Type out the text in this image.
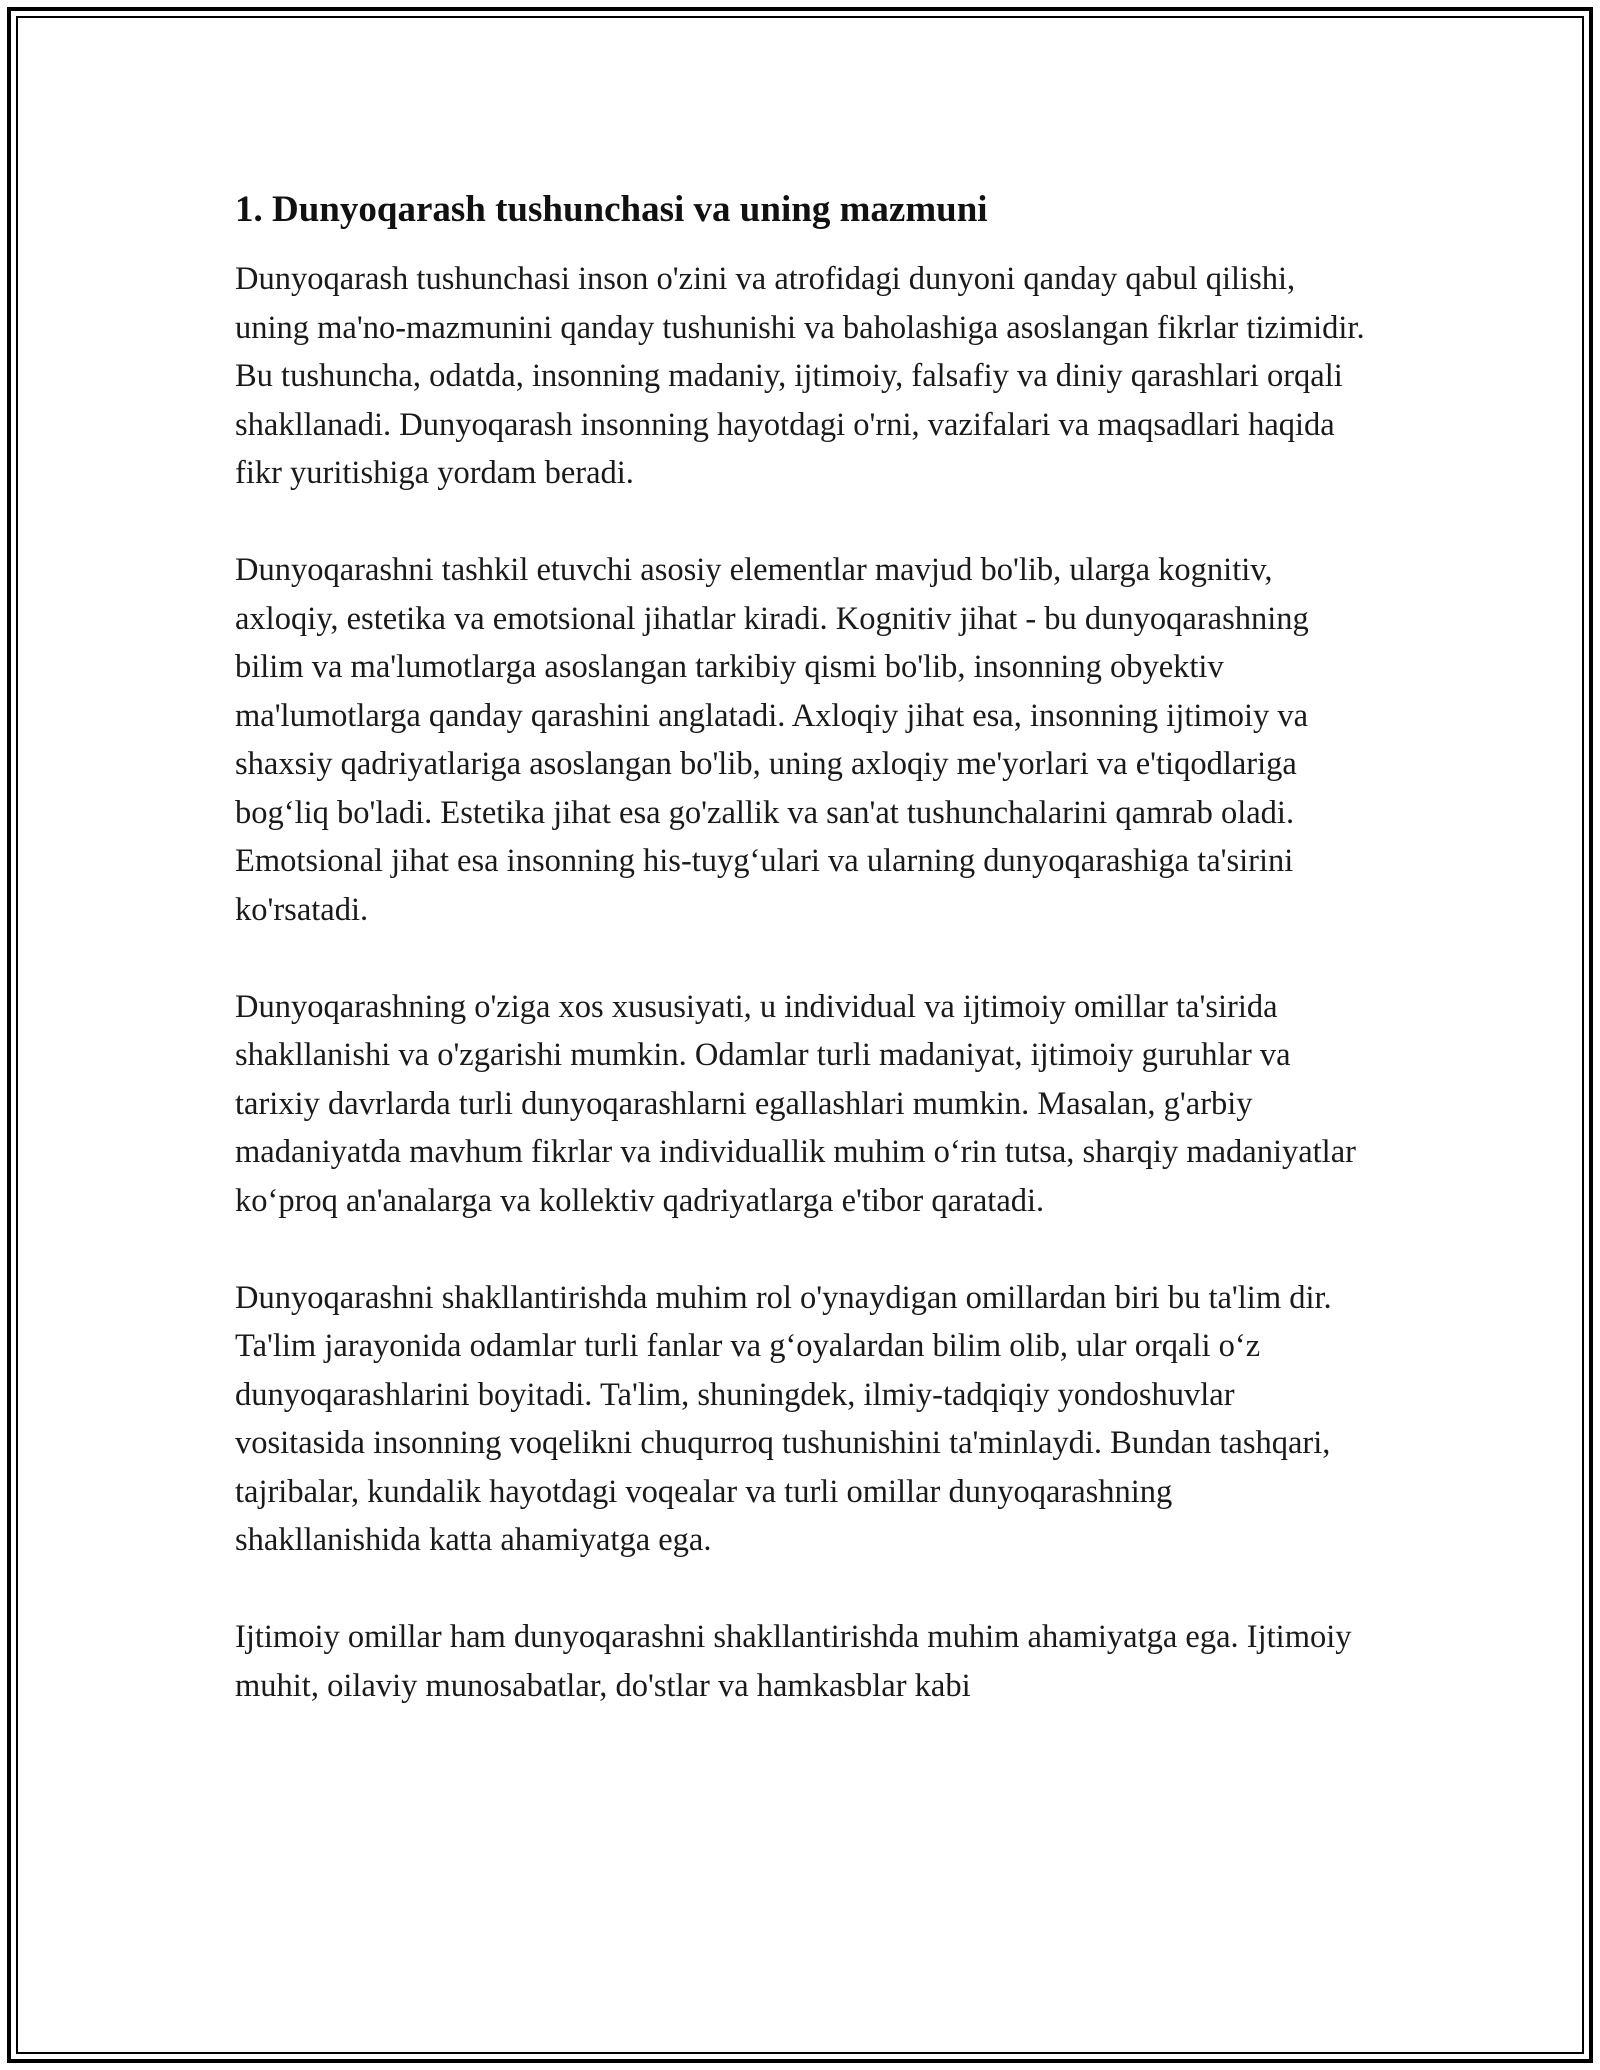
1. Dunyoqarash tushunchasi va uning mazmuni

Dunyoqarash tushunchasi inson o'zini va atrofidagi dunyoni qanday qabul qilishi, uning ma'no-mazmunini qanday tushunishi va baholashiga asoslangan fikrlar tizimidir. Bu tushuncha, odatda, insonning madaniy, ijtimoiy, falsafiy va diniy qarashlari orqali shakllanadi. Dunyoqarash insonning hayotdagi o'rni, vazifalari va maqsadlari haqida fikr yuritishiga yordam beradi.

Dunyoqarashni tashkil etuvchi asosiy elementlar mavjud bo'lib, ularga kognitiv, axloqiy, estetika va emotsional jihatlar kiradi. Kognitiv jihat - bu dunyoqarashning bilim va ma'lumotlarga asoslangan tarkibiy qismi bo'lib, insonning obyektiv ma'lumotlarga qanday qarashini anglatadi. Axloqiy jihat esa, insonning ijtimoiy va shaxsiy qadriyatlariga asoslangan bo'lib, uning axloqiy me'yorlari va e'tiqodlariga bog‘liq bo'ladi. Estetika jihat esa go'zallik va san'at tushunchalarini qamrab oladi. Emotsional jihat esa insonning his-tuyg‘ulari va ularning dunyoqarashiga ta'sirini ko'rsatadi.

Dunyoqarashning o'ziga xos xususiyati, u individual va ijtimoiy omillar ta'sirida shakllanishi va o'zgarishi mumkin. Odamlar turli madaniyat, ijtimoiy guruhlar va tarixiy davrlarda turli dunyoqarashlarni egallashlari mumkin. Masalan, g'arbiy madaniyatda mavhum fikrlar va individuallik muhim o‘rin tutsa, sharqiy madaniyatlar ko‘proq an'analarga va kollektiv qadriyatlarga e'tibor qaratadi.

Dunyoqarashni shakllantirishda muhim rol o'ynaydigan omillardan biri bu ta'lim dir. Ta'lim jarayonida odamlar turli fanlar va g‘oyalardan bilim olib, ular orqali o‘z dunyoqarashlarini boyitadi. Ta'lim, shuningdek, ilmiy-tadqiqiy yondoshuvlar vositasida insonning voqelikni chuqurroq tushunishini ta'minlaydi. Bundan tashqari, tajribalar, kundalik hayotdagi voqealar va turli omillar dunyoqarashning shakllanishida katta ahamiyatga ega.

Ijtimoiy omillar ham dunyoqarashni shakllantirishda muhim ahamiyatga ega. Ijtimoiy muhit, oilaviy munosabatlar, do'stlar va hamkasblar kabi
